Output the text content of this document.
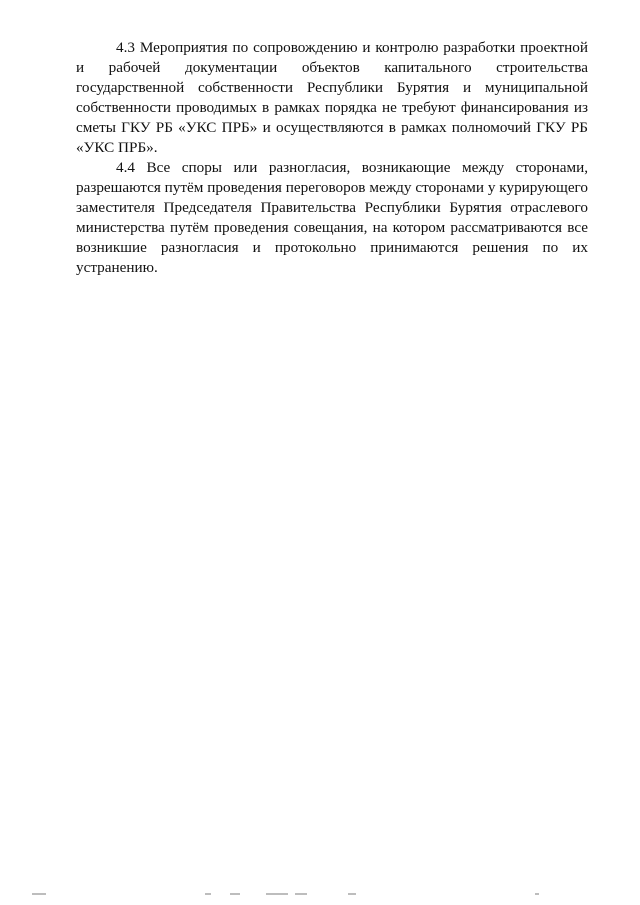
4.3 Мероприятия по сопровождению и контролю разработки проектной и рабочей документации объектов капитального строительства государственной собственности Республики Бурятия и муниципальной собственности проводимых в рамках порядка не требуют финансирования из сметы ГКУ РБ «УКС ПРБ» и осуществляются в рамках полномочий ГКУ РБ «УКС ПРБ».

4.4 Все споры или разногласия, возникающие между сторонами, разрешаются путём проведения переговоров между сторонами у курирующего заместителя Председателя Правительства Республики Бурятия отраслевого министерства путём проведения совещания, на котором рассматриваются все возникшие разногласия и протокольно принимаются решения по их устранению.
